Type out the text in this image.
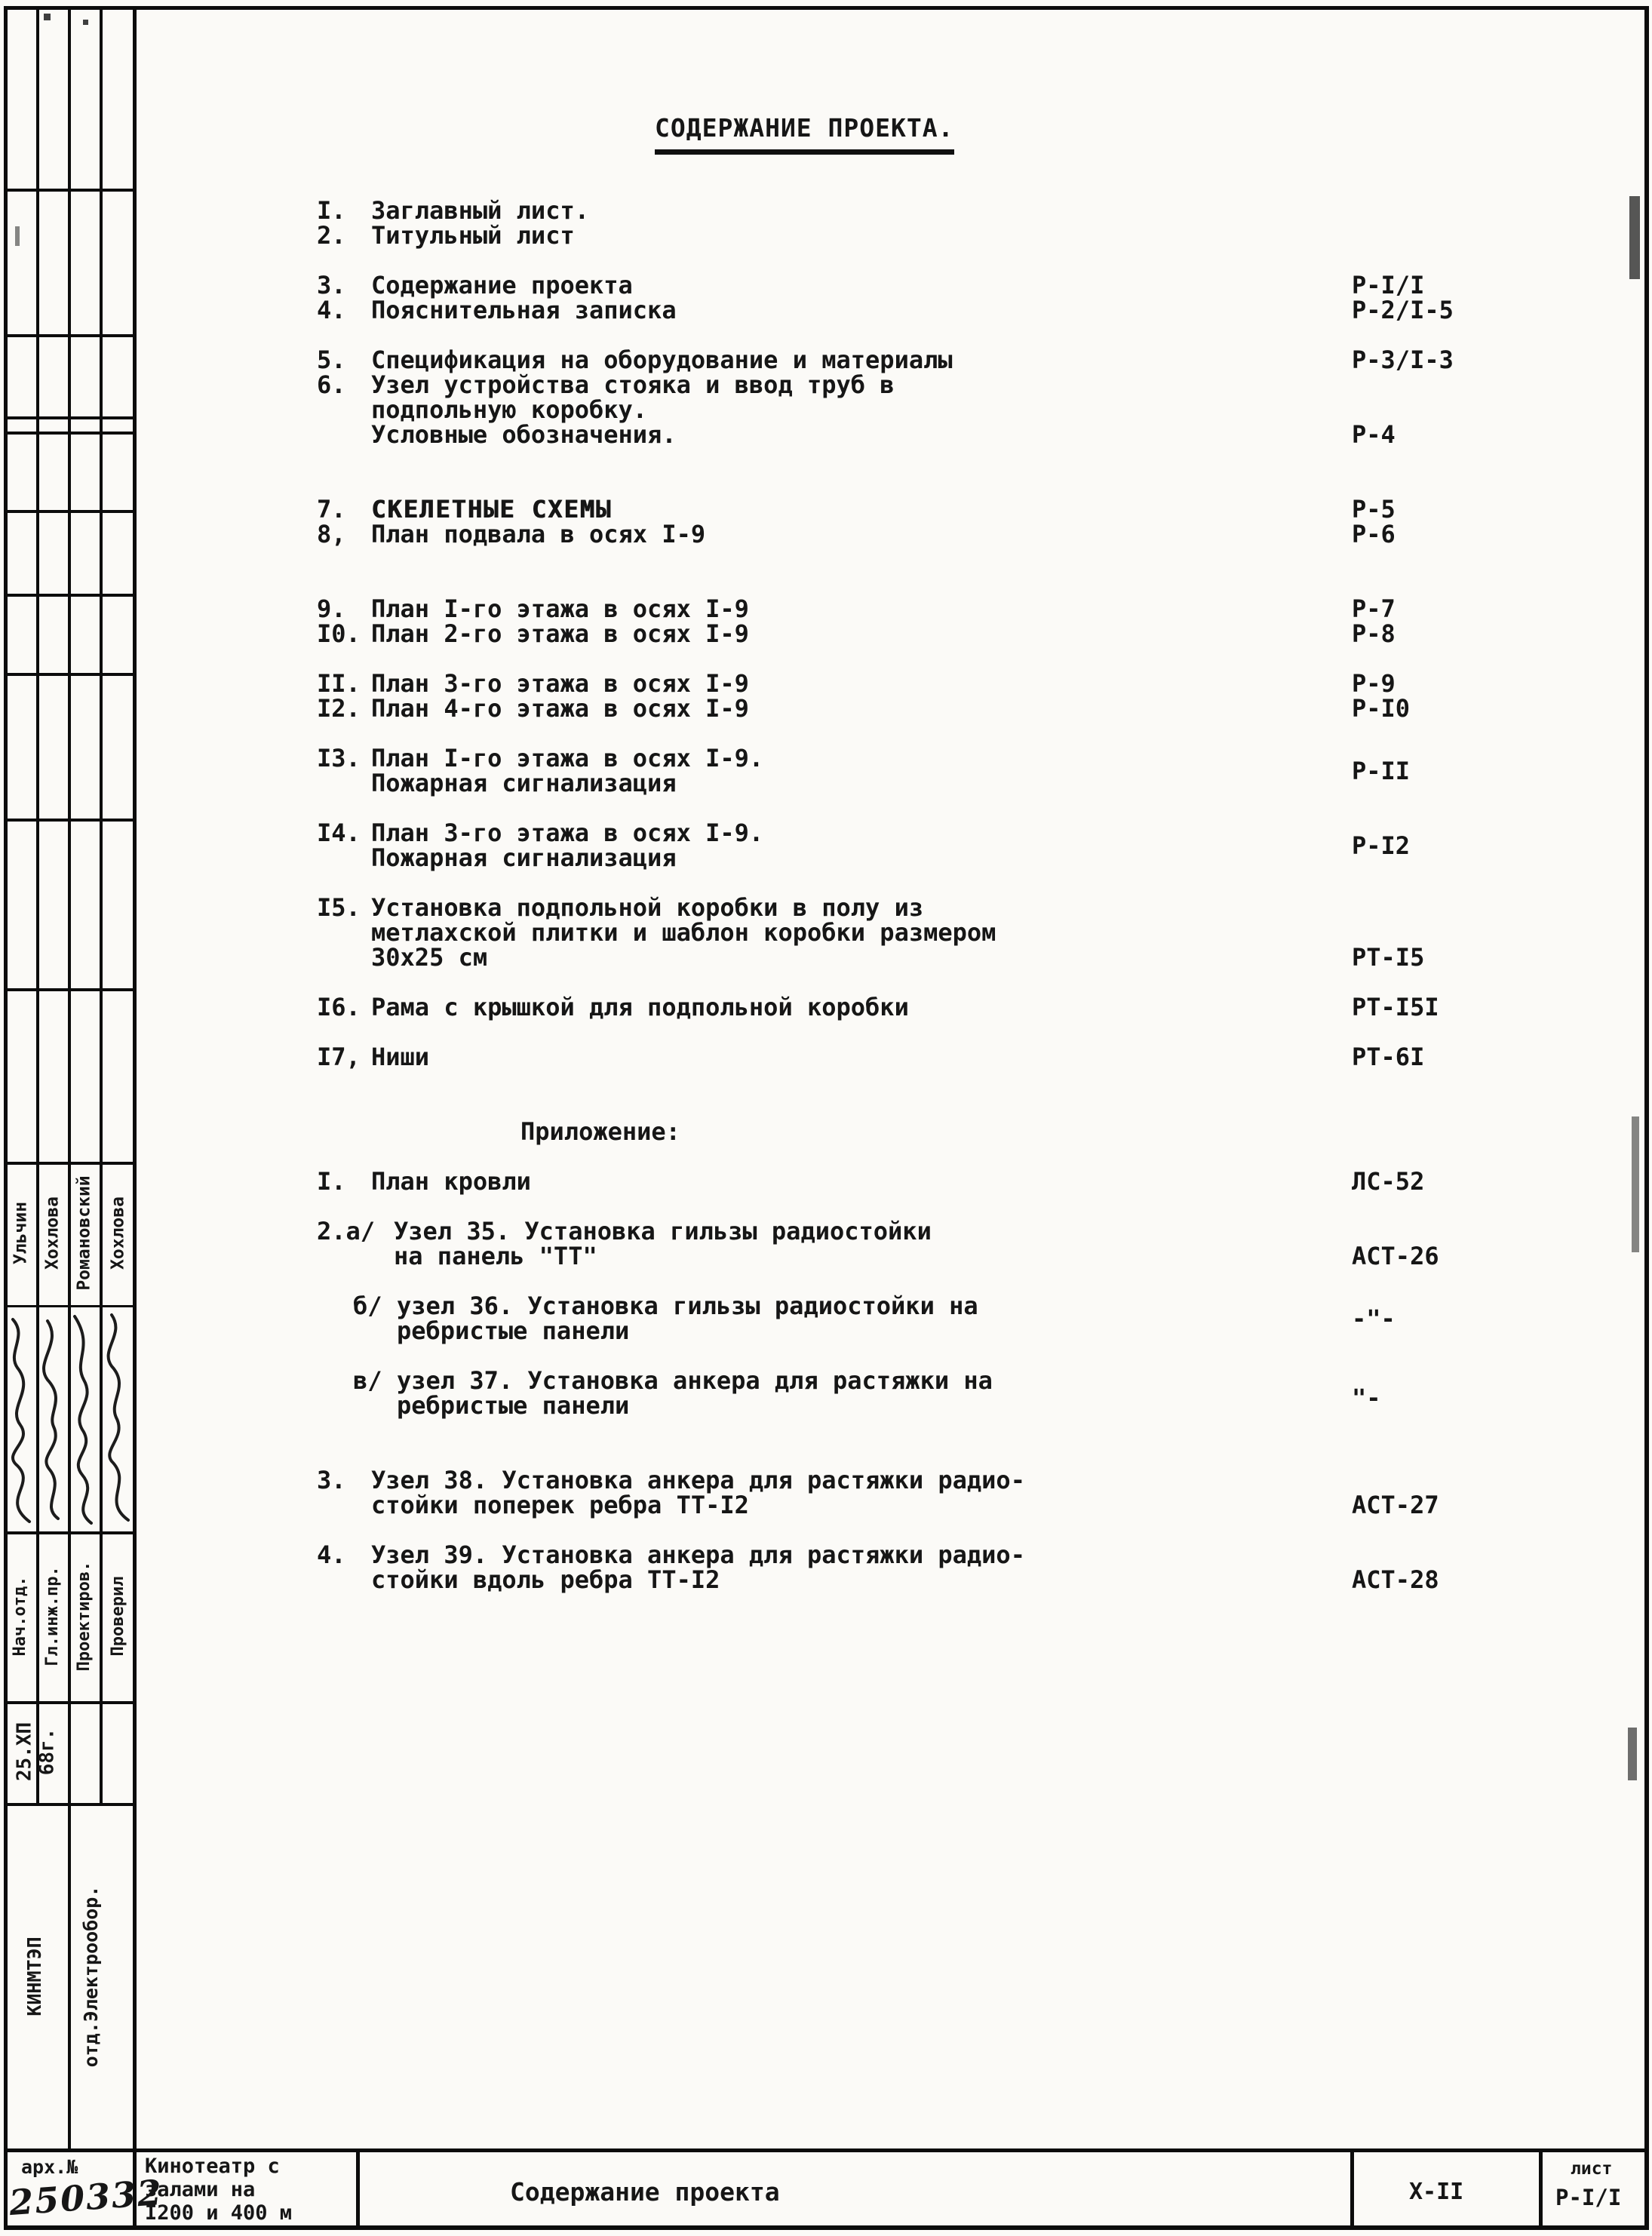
Ульчин Хохлова Романовский Хохлова
Нач.отд. Гл.инж.пр. Проектиров. Проверил
25.ХП 68г.
КИНМТЭП	отд.Электрообор.
арх.№
250332
СОДЕРЖАНИЕ ПРОЕКТА.
I.	Заглавный лист.
2.	Титульный лист
3.	Содержание проекта	Р-I/I
4.	Пояснительная записка	Р-2/I-5
5.	Спецификация на оборудование и материалы	Р-3/I-3
6.	Узел устройства стояка и ввод труб в
подпольную коробку.
Условные обозначения.	Р-4
7.	СКЕЛЕТНЫЕ СХЕМЫ	Р-5
8,	План подвала в осях I-9	Р-6
9.	План I-го этажа в осях I-9	Р-7
I0. План 2-го этажа в осях I-9	Р-8
II. План 3-го этажа в осях I-9	Р-9
I2. План 4-го этажа в осях I-9	Р-I0
I3. План I-го этажа в осях I-9.
Пожарная сигнализация	Р-II
I4. План 3-го этажа в осях I-9.
Пожарная сигнализация	Р-I2
I5. Установка подпольной коробки в полу из
метлахской плитки и шаблон коробки размером
30х25 см	РТ-I5
I6. Рама с крышкой для подпольной коробки	РТ-I5I
I7, Ниши	РТ-6I
Приложение:
I.	План кровли	ЛС-52
2.а/ Узел 35. Установка гильзы радиостойки
на панель "ТТ"	АСТ-26
б/ узел 36. Установка гильзы радиостойки на
ребристые панели	-"-
в/ узел 37. Установка анкера для растяжки на
ребристые панели	"-
3.	Узел 38. Установка анкера для растяжки радио-
стойки поперек ребра ТТ-I2	АСТ-27
4.	Узел 39. Установка анкера для растяжки радио-
стойки вдоль ребра ТТ-I2	АСТ-28
Кинотеатр с
залами на
I200 и 400 м
Содержание проекта	Х-II
лист
Р-I/I
